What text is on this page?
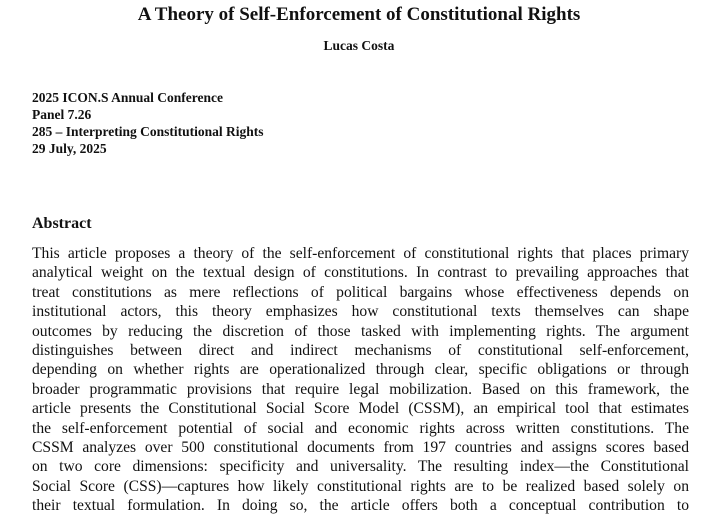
A Theory of Self-Enforcement of Constitutional Rights
Lucas Costa
2025 ICON.S Annual Conference
Panel 7.26
285 – Interpreting Constitutional Rights
29 July, 2025
Abstract
This article proposes a theory of the self-enforcement of constitutional rights that places primary
analytical weight on the textual design of constitutions. In contrast to prevailing approaches that
treat constitutions as mere reflections of political bargains whose effectiveness depends on
institutional actors, this theory emphasizes how constitutional texts themselves can shape
outcomes by reducing the discretion of those tasked with implementing rights. The argument
distinguishes between direct and indirect mechanisms of constitutional self-enforcement,
depending on whether rights are operationalized through clear, specific obligations or through
broader programmatic provisions that require legal mobilization. Based on this framework, the
article presents the Constitutional Social Score Model (CSSM), an empirical tool that estimates
the self-enforcement potential of social and economic rights across written constitutions. The
CSSM analyzes over 500 constitutional documents from 197 countries and assigns scores based
on two core dimensions: specificity and universality. The resulting index—the Constitutional
Social Score (CSS)—captures how likely constitutional rights are to be realized based solely on
their textual formulation. In doing so, the article offers both a conceptual contribution to
